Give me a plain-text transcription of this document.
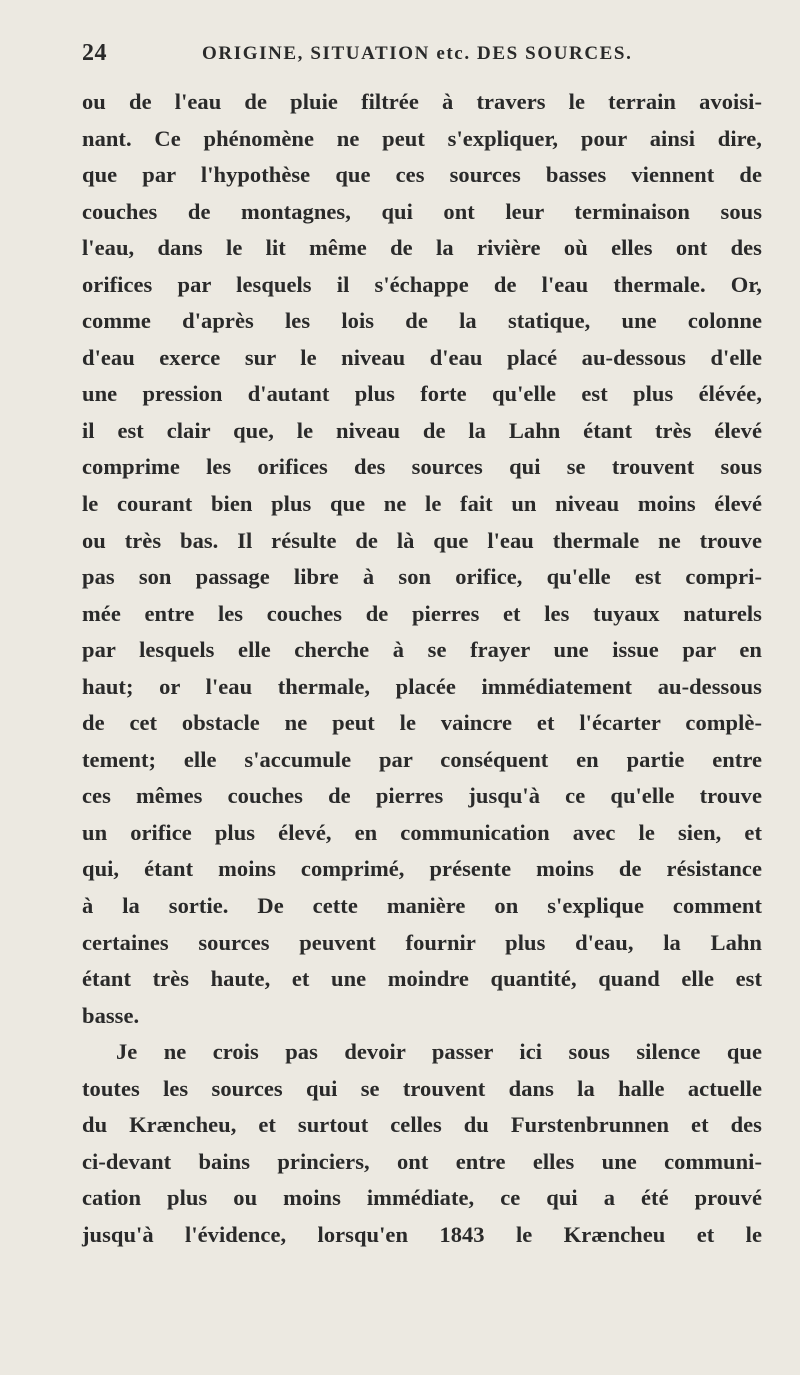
24	ORIGINE, SITUATION etc. DES SOURCES.
ou de l'eau de pluie filtrée à travers le terrain avoisi-
nant. Ce phénomène ne peut s'expliquer, pour ainsi dire,
que par l'hypothèse que ces sources basses viennent de
couches de montagnes, qui ont leur terminaison sous
l'eau, dans le lit même de la rivière où elles ont des
orifices par lesquels il s'échappe de l'eau thermale. Or,
comme d'après les lois de la statique, une colonne
d'eau exerce sur le niveau d'eau placé au-dessous d'elle
une pression d'autant plus forte qu'elle est plus élévée,
il est clair que, le niveau de la Lahn étant très élevé
comprime les orifices des sources qui se trouvent sous
le courant bien plus que ne le fait un niveau moins élevé
ou très bas. Il résulte de là que l'eau thermale ne trouve
pas son passage libre à son orifice, qu'elle est compri-
mée entre les couches de pierres et les tuyaux naturels
par lesquels elle cherche à se frayer une issue par en
haut; or l'eau thermale, placée immédiatement au-dessous
de cet obstacle ne peut le vaincre et l'écarter complè-
tement; elle s'accumule par conséquent en partie entre
ces mêmes couches de pierres jusqu'à ce qu'elle trouve
un orifice plus élevé, en communication avec le sien, et
qui, étant moins comprimé, présente moins de résistance
à la sortie. De cette manière on s'explique comment
certaines sources peuvent fournir plus d'eau, la Lahn
étant très haute, et une moindre quantité, quand elle est
basse.
Je ne crois pas devoir passer ici sous silence que
toutes les sources qui se trouvent dans la halle actuelle
du Kræncheu, et surtout celles du Furstenbrunnen et des
ci-devant bains princiers, ont entre elles une communi-
cation plus ou moins immédiate, ce qui a été prouvé
jusqu'à l'évidence, lorsqu'en 1843 le Kræncheu et le
